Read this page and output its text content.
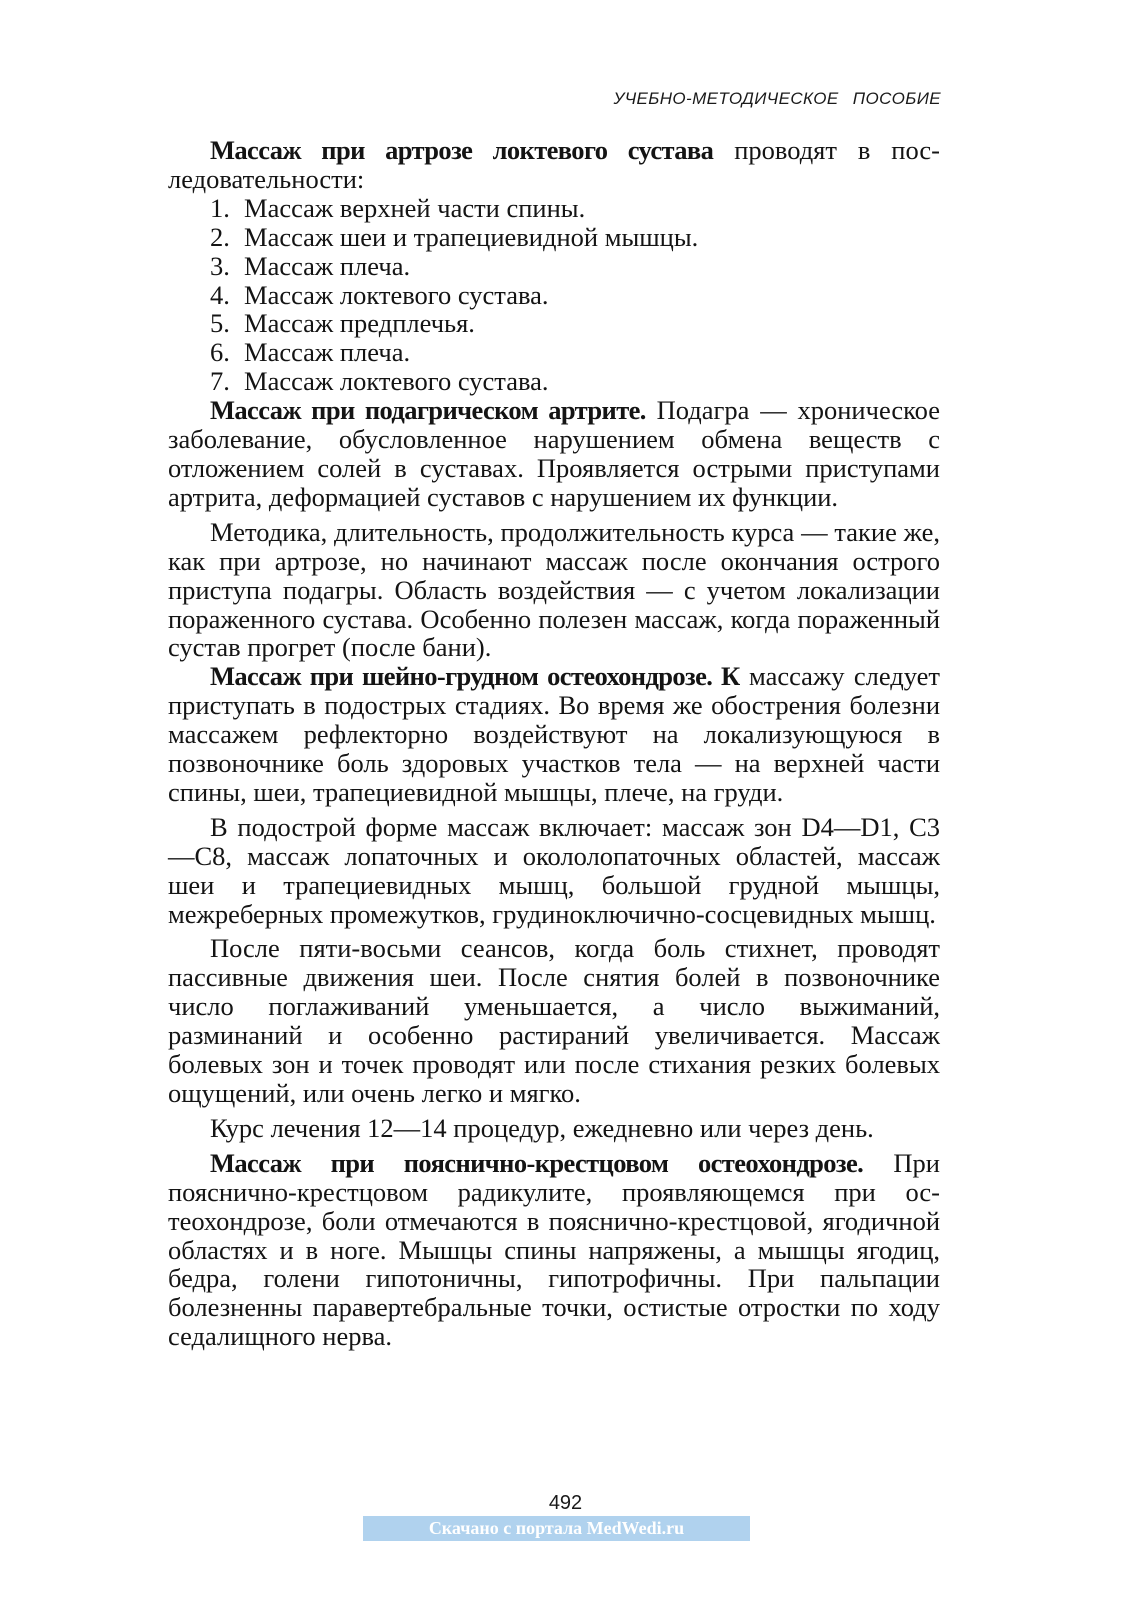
УЧЕБНО-МЕТОДИЧЕСКОЕ ПОСОБИЕ

Массаж при артрозе локтевого сустава проводят в последовательности:

1. Массаж верхней части спины.
2. Массаж шеи и трапециевидной мышцы.
3. Массаж плеча.
4. Массаж локтевого сустава.
5. Массаж предплечья.
6. Массаж плеча.
7. Массаж локтевого сустава.

Массаж при подагрическом артрите. Подагра — хроническое заболевание, обусловленное нарушением обмена веществ с отложением солей в суставах. Проявляется острыми приступами артрита, деформацией суставов с нарушением их функции.

Методика, длительность, продолжительность курса — такие же, как при артрозе, но начинают массаж после окончания острого приступа подагры. Область воздействия — с учетом локализации пораженного сустава. Особенно полезен массаж, когда пораженный сустав прогрет (после бани).

Массаж при шейно-грудном остеохондрозе. К массажу следует приступать в подострых стадиях. Во время же обострения болезни массажем рефлекторно воздействуют на локализующуюся в позвоночнике боль здоровых участков тела — на верхней части спины, шеи, трапециевидной мышцы, плече, на груди.

В подострой форме массаж включает: массаж зон D4—D1, С3—С8, массаж лопаточных и окололопаточных областей, массаж шеи и трапециевидных мышц, большой грудной мышцы, межреберных промежутков, грудиноключично-сосцевидных мышц.

После пяти-восьми сеансов, когда боль стихнет, проводят пассивные движения шеи. После снятия болей в позвоночнике число поглаживаний уменьшается, а число выжиманий, разминаний и особенно растираний увеличивается. Массаж болевых зон и точек проводят или после стихания резких болевых ощущений, или очень легко и мягко.

Курс лечения 12—14 процедур, ежедневно или через день.

Массаж при пояснично-крестцовом остеохондрозе. При пояснично-крестцовом радикулите, проявляющемся при остеохондрозе, боли отмечаются в пояснично-крестцовой, ягодичной областях и в ноге. Мышцы спины напряжены, а мышцы ягодиц, бедра, голени гипотоничны, гипотрофичны. При пальпации болезненны паравертебральные точки, остистые отростки по ходу седалищного нерва.

492
Скачано с портала MedWedi.ru
